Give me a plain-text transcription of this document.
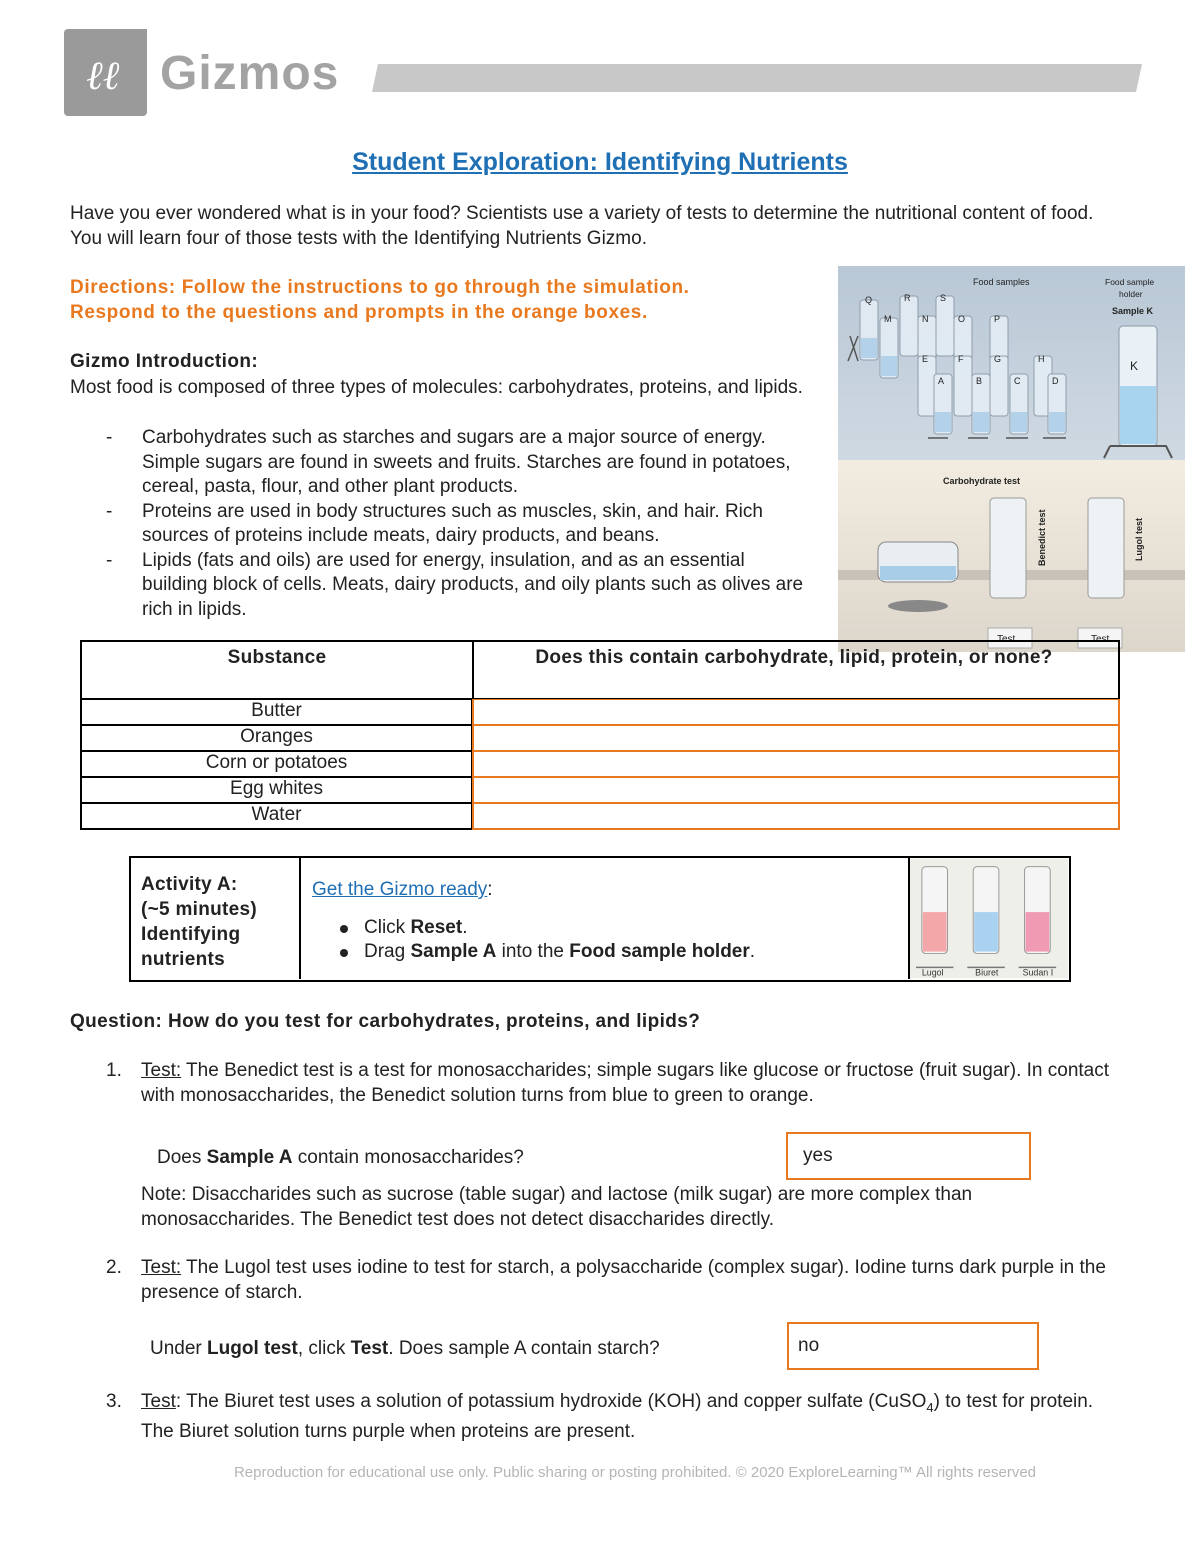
ℓℓ Gizmos
Student Exploration: Identifying Nutrients
Have you ever wondered what is in your food? Scientists use a variety of tests to determine the nutritional content of food. You will learn four of those tests with the Identifying Nutrients Gizmo.
Directions: Follow the instructions to go through the simulation.
Respond to the questions and prompts in the orange boxes.
Gizmo Introduction:
Most food is composed of three types of molecules: carbohydrates, proteins, and lipids.
- Carbohydrates such as starches and sugars are a major source of energy. Simple sugars are found in sweets and fruits. Starches are found in potatoes, cereal, pasta, flour, and other plant products.
- Proteins are used in body structures such as muscles, skin, and hair. Rich sources of proteins include meats, dairy products, and beans.
- Lipids (fats and oils) are used for energy, insulation, and as an essential building block of cells. Meats, dairy products, and oily plants such as olives are rich in lipids.
Food samples	Food sample
holder
Sample K
Q	R	S
M	N	O	P
E	F	G	H
A	B	C	D
K
Carbohydrate test
Benedict test	Lugol test
Test	Test
Substance	Does this contain carbohydrate, lipid, protein, or none?
Butter
Oranges
Corn or potatoes
Egg whites
Water
Activity A:
(~5 minutes)
Identifying
nutrients
Get the Gizmo ready:
Click Reset.
Drag Sample A into the Food sample holder.
Lugol	Biuret	Sudan I
Question: How do you test for carbohydrates, proteins, and lipids?
1. Test: The Benedict test is a test for monosaccharides; simple sugars like glucose or fructose (fruit sugar). In contact with monosaccharides, the Benedict solution turns from blue to green to orange.
Does Sample A contain monosaccharides?	yes
Note: Disaccharides such as sucrose (table sugar) and lactose (milk sugar) are more complex than monosaccharides. The Benedict test does not detect disaccharides directly.
2. Test: The Lugol test uses iodine to test for starch, a polysaccharide (complex sugar). Iodine turns dark purple in the presence of starch.
Under Lugol test, click Test. Does sample A contain starch?	no
3. Test: The Biuret test uses a solution of potassium hydroxide (KOH) and copper sulfate (CuSO$_4$) to test for protein. The Biuret solution turns purple when proteins are present.
Reproduction for educational use only. Public sharing or posting prohibited. © 2020 ExploreLearning™ All rights reserved
